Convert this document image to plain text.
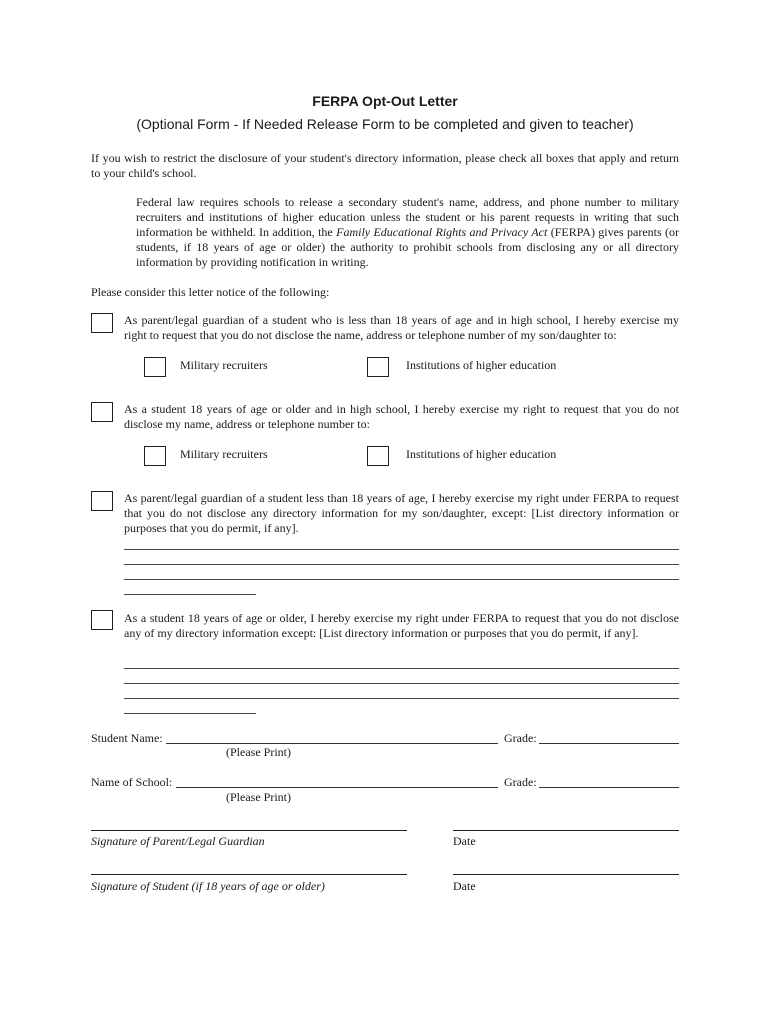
FERPA Opt-Out Letter
(Optional Form - If Needed Release Form to be completed and given to teacher)
If you wish to restrict the disclosure of your student's directory information, please check all boxes that apply and return to your child's school.
Federal law requires schools to release a secondary student's name, address, and phone number to military recruiters and institutions of higher education unless the student or his parent requests in writing that such information be withheld. In addition, the Family Educational Rights and Privacy Act (FERPA) gives parents (or students, if 18 years of age or older) the authority to prohibit schools from disclosing any or all directory information by providing notification in writing.
Please consider this letter notice of the following:
As parent/legal guardian of a student who is less than 18 years of age and in high school, I hereby exercise my right to request that you do not disclose the name, address or telephone number of my son/daughter to:
Military recruiters	Institutions of higher education
As a student 18 years of age or older and in high school, I hereby exercise my right to request that you do not disclose my name, address or telephone number to:
Military recruiters	Institutions of higher education
As parent/legal guardian of a student less than 18 years of age, I hereby exercise my right under FERPA to request that you do not disclose any directory information for my son/daughter, except: [List directory information or purposes that you do permit, if any].
As a student 18 years of age or older, I hereby exercise my right under FERPA to request that you do not disclose any of my directory information except: [List directory information or purposes that you do permit, if any].
Student Name:	Grade:
(Please Print)
Name of School:	Grade:
(Please Print)
Signature of Parent/Legal Guardian	Date
Signature of Student (if 18 years of age or older)	Date
